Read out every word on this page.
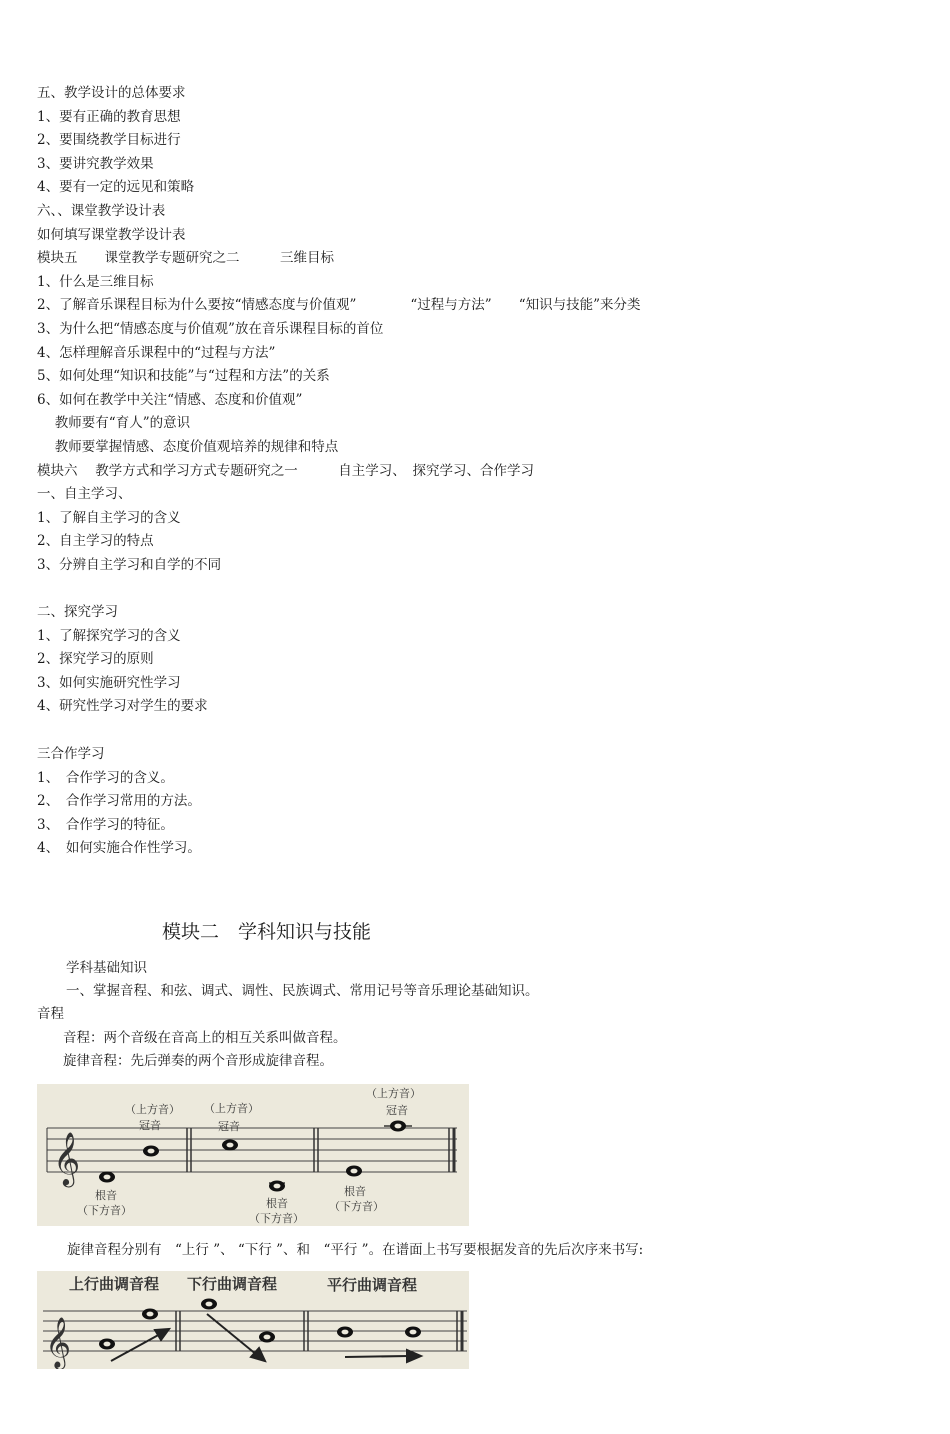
五、教学设计的总体要求
1、要有正确的教育思想
2、要围绕教学目标进行
3、要讲究教学效果
4、要有一定的远见和策略
六、、课堂教学设计表
如何填写课堂教学设计表
模块五　　课堂教学专题研究之二　　　三维目标
1、什么是三维目标
2、了解音乐课程目标为什么要按“情感态度与价值观”　　　　“过程与方法”　　“知识与技能”来分类
3、为什么把“情感态度与价值观”放在音乐课程目标的首位
4、怎样理解音乐课程中的“过程与方法”
5、如何处理“知识和技能”与“过程和方法”的关系
6、如何在教学中关注“情感、态度和价值观”
　 教师要有“育人”的意识
　 教师要掌握情感、态度价值观培养的规律和特点
模块六　 教学方式和学习方式专题研究之一　　　自主学习、　探究学习、合作学习
一、自主学习、
1、了解自主学习的含义
2、自主学习的特点
3、分辨自主学习和自学的不同
二、探究学习
1、了解探究学习的含义
2、探究学习的原则
3、如何实施研究性学习
4、研究性学习对学生的要求
三合作学习
1、　合作学习的含义。
2、　合作学习常用的方法。
3、　合作学习的特征。
4、　如何实施合作性学习。
模块二　学科知识与技能
学科基础知识
一、掌握音程、和弦、调式、调性、民族调式、常用记号等音乐理论基础知识。
音程
音程：两个音级在音高上的相互关系叫做音程。
旋律音程：先后弹奏的两个音形成旋律音程。
𝄞
（上方音）
冠音
（上方音）
冠音
（上方音）
冠音
根音
（下方音）
根音
（下方音）
根音
（下方音）
旋律音程分别有　“上行 ”、 “下行 ”、和　“平行 ”。在谱面上书写要根据发音的先后次序来书写:
上行曲调音程 下行曲调音程	平行曲调音程
𝄞
